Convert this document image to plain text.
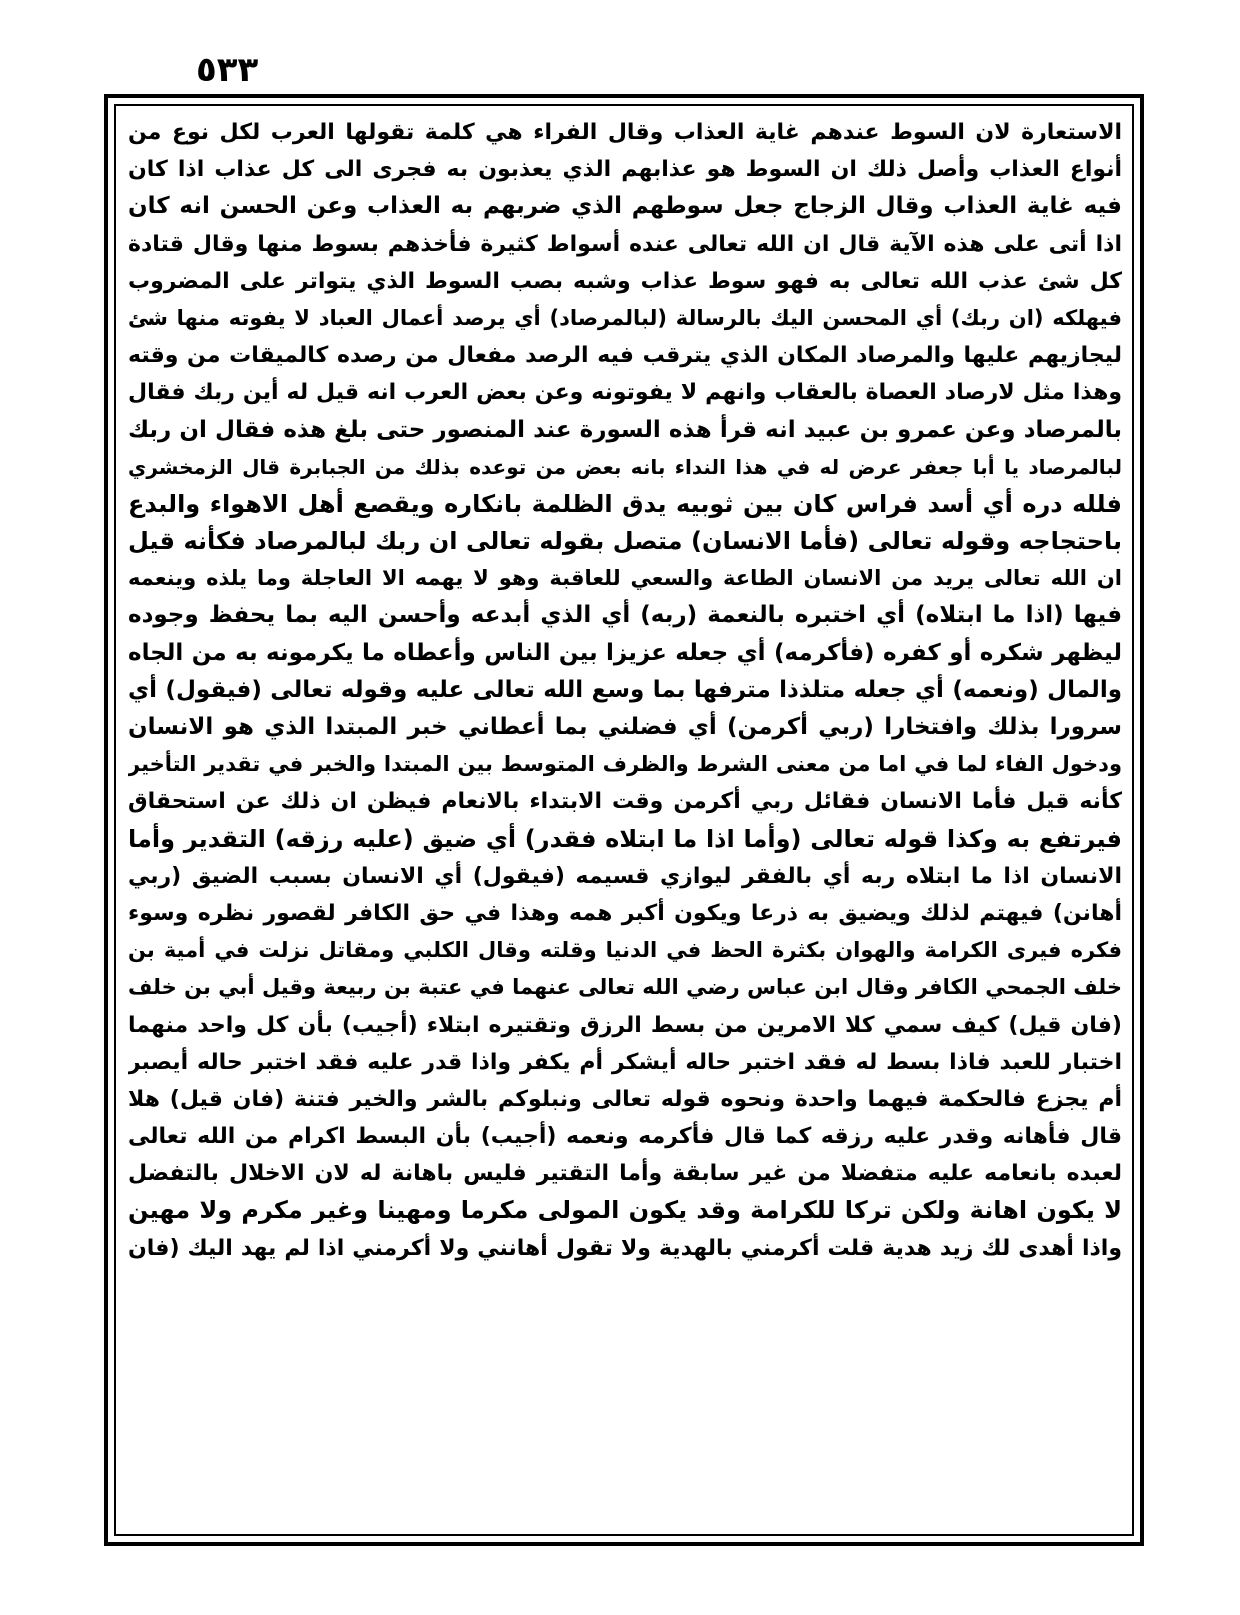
٥٣٣
الاستعارة لان السوط عندهم غاية العذاب وقال الفراء هي كلمة تقولها العرب لكل نوع من
أنواع العذاب وأصل ذلك ان السوط هو عذابهم الذي يعذبون به فجرى الى كل عذاب اذا كان
فيه غاية العذاب وقال الزجاج جعل سوطهم الذي ضربهم به العذاب وعن الحسن انه كان
اذا أتى على هذه الآية قال ان الله تعالى عنده أسواط كثيرة فأخذهم بسوط منها وقال قتادة
كل شئ عذب الله تعالى به فهو سوط عذاب وشبه بصب السوط الذي يتواتر على المضروب
فيهلكه (ان ربك) أي المحسن اليك بالرسالة (لبالمرصاد) أي يرصد أعمال العباد لا يفوته منها شئ
ليجازيهم عليها والمرصاد المكان الذي يترقب فيه الرصد مفعال من رصده كالميقات من وقته
وهذا مثل لارصاد العصاة بالعقاب وانهم لا يفوتونه وعن بعض العرب انه قيل له أين ربك فقال
بالمرصاد وعن عمرو بن عبيد انه قرأ هذه السورة عند المنصور حتى بلغ هذه فقال ان ربك
لبالمرصاد يا أبا جعفر عرض له في هذا النداء بانه بعض من توعده بذلك من الجبابرة قال الزمخشري
فلله دره أي أسد فراس كان بين ثوبيه يدق الظلمة بانكاره ويقصع أهل الاهواء والبدع
باحتجاجه وقوله تعالى (فأما الانسان) متصل بقوله تعالى ان ربك لبالمرصاد فكأنه قيل
ان الله تعالى يريد من الانسان الطاعة والسعي للعاقبة وهو لا يهمه الا العاجلة وما يلذه وينعمه
فيها (اذا ما ابتلاه) أي اختبره بالنعمة (ربه) أي الذي أبدعه وأحسن اليه بما يحفظ وجوده
ليظهر شكره أو كفره (فأكرمه) أي جعله عزيزا بين الناس وأعطاه ما يكرمونه به من الجاه
والمال (ونعمه) أي جعله متلذذا مترفها بما وسع الله تعالى عليه وقوله تعالى (فيقول) أي
سرورا بذلك وافتخارا (ربي أكرمن) أي فضلني بما أعطاني خبر المبتدا الذي هو الانسان
ودخول الفاء لما في اما من معنى الشرط والظرف المتوسط بين المبتدا والخبر في تقدير التأخير
كأنه قيل فأما الانسان فقائل ربي أكرمن وقت الابتداء بالانعام فيظن ان ذلك عن استحقاق
فيرتفع به وكذا قوله تعالى (وأما اذا ما ابتلاه فقدر) أي ضيق (عليه رزقه) التقدير وأما
الانسان اذا ما ابتلاه ربه أي بالفقر ليوازي قسيمه (فيقول) أي الانسان بسبب الضيق (ربي
أهانن) فيهتم لذلك ويضيق به ذرعا ويكون أكبر همه وهذا في حق الكافر لقصور نظره وسوء
فكره فيرى الكرامة والهوان بكثرة الحظ في الدنيا وقلته وقال الكلبي ومقاتل نزلت في أمية بن
خلف الجمحي الكافر وقال ابن عباس رضي الله تعالى عنهما في عتبة بن ربيعة وقيل أبي بن خلف
(فان قيل) كيف سمي كلا الامرين من بسط الرزق وتقتيره ابتلاء (أجيب) بأن كل واحد منهما
اختبار للعبد فاذا بسط له فقد اختبر حاله أيشكر أم يكفر واذا قدر عليه فقد اختبر حاله أيصبر
أم يجزع فالحكمة فيهما واحدة ونحوه قوله تعالى ونبلوكم بالشر والخير فتنة (فان قيل) هلا
قال فأهانه وقدر عليه رزقه كما قال فأكرمه ونعمه (أجيب) بأن البسط اكرام من الله تعالى
لعبده بانعامه عليه متفضلا من غير سابقة وأما التقتير فليس باهانة له لان الاخلال بالتفضل
لا يكون اهانة ولكن تركا للكرامة وقد يكون المولى مكرما ومهينا وغير مكرم ولا مهين
واذا أهدى لك زيد هدية قلت أكرمني بالهدية ولا تقول أهانني ولا أكرمني اذا لم يهد اليك (فان
